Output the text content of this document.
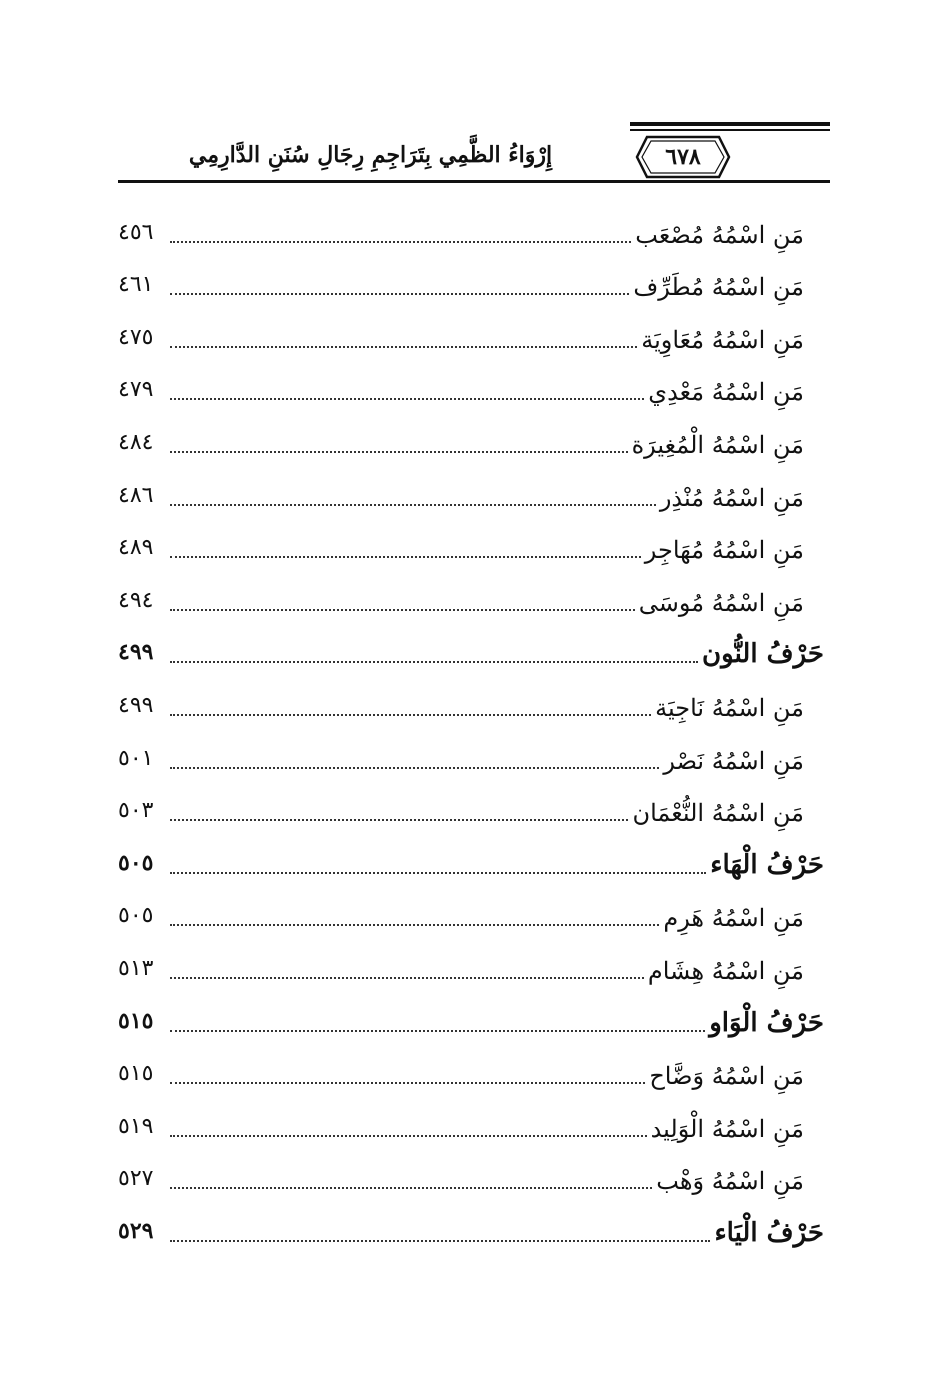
إِرْوَاءُ الظَّمِي بِتَرَاجِمِ رِجَالِ سُنَنِ الدَّارِمِي	٦٧٨
٤٥٦	مَنِ اسْمُهُ مُصْعَب
٤٦١	مَنِ اسْمُهُ مُطَرِّف
٤٧٥	مَنِ اسْمُهُ مُعَاوِيَة
٤٧٩	مَنِ اسْمُهُ مَعْدِي
٤٨٤	مَنِ اسْمُهُ الْمُغِيرَة
٤٨٦	مَنِ اسْمُهُ مُنْذِر
٤٨٩	مَنِ اسْمُهُ مُهَاجِر
٤٩٤	مَنِ اسْمُهُ مُوسَى
٤٩٩	حَرْفُ النُّون
٤٩٩	مَنِ اسْمُهُ نَاجِيَة
٥٠١	مَنِ اسْمُهُ نَصْر
٥٠٣	مَنِ اسْمُهُ النُّعْمَان
٥٠٥	حَرْفُ الْهَاء
٥٠٥	مَنِ اسْمُهُ هَرِم
٥١٣	مَنِ اسْمُهُ هِشَام
٥١٥	حَرْفُ الْوَاو
٥١٥	مَنِ اسْمُهُ وَضَّاح
٥١٩	مَنِ اسْمُهُ الْوَلِيد
٥٢٧	مَنِ اسْمُهُ وَهْب
٥٢٩	حَرْفُ الْيَاء
